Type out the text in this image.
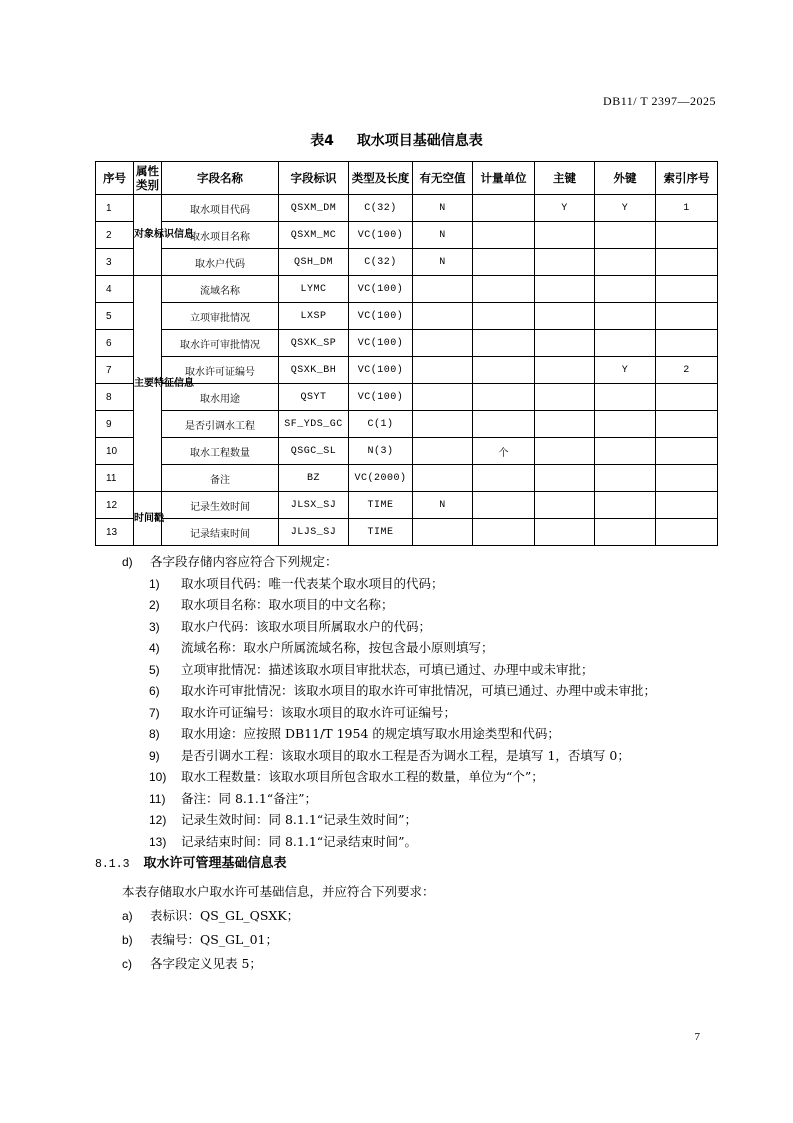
DB11/ T 2397—2025
表4 取水项目基础信息表
序号	属性类别	字段名称	字段标识	类型及长度	有无空值	计量单位	主键	外键	索引序号
1	对象标识信息	取水项目代码	QSXM_DM	C(32)	N		Y	Y	1
2		取水项目名称	QSXM_MC	VC(100)	N				
3		取水户代码	QSH_DM	C(32)	N				
4	主要特征信息	流域名称	LYMC	VC(100)					
5		立项审批情况	LXSP	VC(100)					
6		取水许可审批情况	QSXK_SP	VC(100)					
7		取水许可证编号	QSXK_BH	VC(100)				Y	2
8		取水用途	QSYT	VC(100)					
9		是否引调水工程	SF_YDS_GC	C(1)					
10		取水工程数量	QSGC_SL	N(3)		个			
11		备注	BZ	VC(2000)					
12	时间戳	记录生效时间	JLSX_SJ	TIME	N				
13		记录结束时间	JLJS_SJ	TIME					
d) 各字段存储内容应符合下列规定：
1) 取水项目代码：唯一代表某个取水项目的代码；
2) 取水项目名称：取水项目的中文名称；
3) 取水户代码：该取水项目所属取水户的代码；
4) 流域名称：取水户所属流域名称，按包含最小原则填写；
5) 立项审批情况：描述该取水项目审批状态，可填已通过、办理中或未审批；
6) 取水许可审批情况：该取水项目的取水许可审批情况，可填已通过、办理中或未审批；
7) 取水许可证编号：该取水项目的取水许可证编号；
8) 取水用途：应按照 DB11/T 1954 的规定填写取水用途类型和代码；
9) 是否引调水工程：该取水项目的取水工程是否为调水工程，是填写 1，否填写 0；
10) 取水工程数量：该取水项目所包含取水工程的数量，单位为“个”；
11) 备注：同 8.1.1“备注”；
12) 记录生效时间：同 8.1.1“记录生效时间”；
13) 记录结束时间：同 8.1.1“记录结束时间”。
8.1.3 取水许可管理基础信息表
本表存储取水户取水许可基础信息，并应符合下列要求：
a) 表标识：QS_GL_QSXK；
b) 表编号：QS_GL_01；
c) 各字段定义见表 5；
7
